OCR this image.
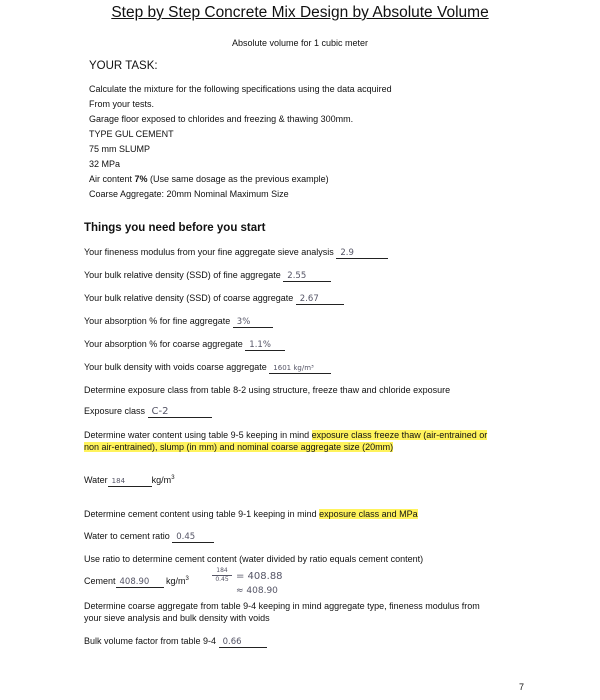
Step by Step Concrete Mix Design by Absolute Volume
Absolute volume for 1 cubic meter
YOUR TASK:
Calculate the mixture for the following specifications using the data acquired
From your tests.
Garage floor exposed to chlorides and freezing & thawing 300mm.
TYPE GUL CEMENT
75 mm SLUMP
32 MPa
Air content 7% (Use same dosage as the previous example)
Coarse Aggregate: 20mm Nominal Maximum Size
Things you need before you start
Your fineness modulus from your fine aggregate sieve analysis 2.9
Your bulk relative density (SSD) of fine aggregate 2.55
Your bulk relative density (SSD) of coarse aggregate 2.67
Your absorption % for fine aggregate 3%
Your absorption % for coarse aggregate 1.1%
Your bulk density with voids coarse aggregate 1601 kg/m³
Determine exposure class from table 8-2 using structure, freeze thaw and chloride exposure
Exposure class C-2
Determine water content using table 9-5 keeping in mind exposure class freeze thaw (air-entrained or non air-entrained), slump (in mm) and nominal coarse aggregate size (20mm)
Water 184	$kg/m^3$
Determine cement content using table 9-1 keeping in mind exposure class and MPa
Water to cement ratio 0.45
Use ratio to determine cement content (water divided by ratio equals cement content)
Cement 408.90 $kg/m^3$	$\frac{184}{0.45} = 408.88$
≈ 408.90
Determine coarse aggregate from table 9-4 keeping in mind aggregate type, fineness modulus from your sieve analysis and bulk density with voids
Bulk volume factor from table 9-4 0.66
7
